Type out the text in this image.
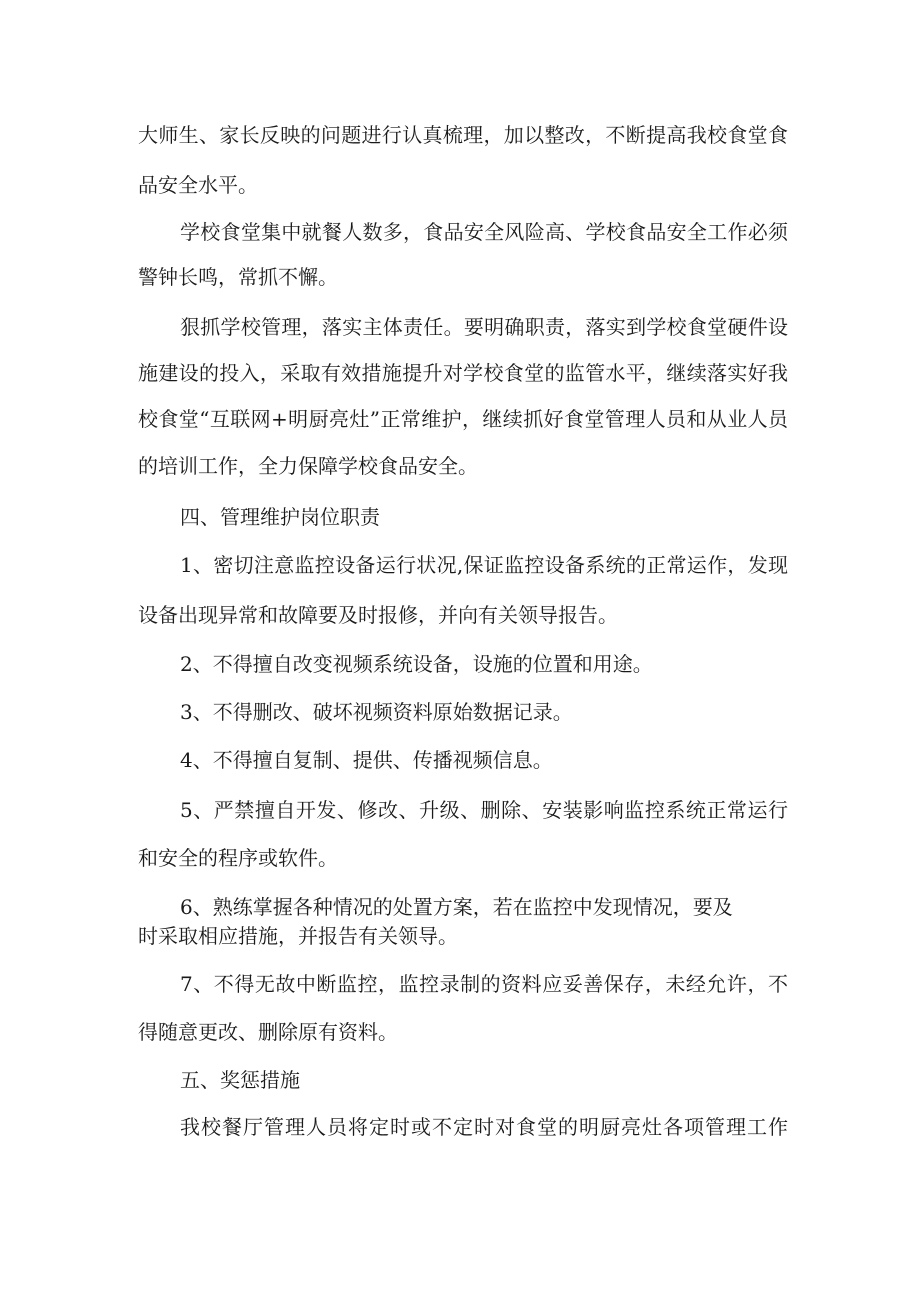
大师生、家长反映的问题进行认真梳理，加以整改，不断提高我校食堂食
品安全水平。
学校食堂集中就餐人数多，食品安全风险高、学校食品安全工作必须
警钟长鸣，常抓不懈。
狠抓学校管理，落实主体责任。要明确职责，落实到学校食堂硬件设
施建设的投入，采取有效措施提升对学校食堂的监管水平，继续落实好我
校食堂“互联网+明厨亮灶”正常维护，继续抓好食堂管理人员和从业人员
的培训工作，全力保障学校食品安全。
四、管理维护岗位职责
1、密切注意监控设备运行状况,保证监控设备系统的正常运作，发现
设备出现异常和故障要及时报修，并向有关领导报告。
2、不得擅自改变视频系统设备，设施的位置和用途。
3、不得删改、破坏视频资料原始数据记录。
4、不得擅自复制、提供、传播视频信息。
5、严禁擅自开发、修改、升级、删除、安装影响监控系统正常运行
和安全的程序或软件。
6、熟练掌握各种情况的处置方案，若在监控中发现情况，要及
时采取相应措施，并报告有关领导。
7、不得无故中断监控，监控录制的资料应妥善保存，未经允许，不
得随意更改、删除原有资料。
五、奖惩措施
我校餐厅管理人员将定时或不定时对食堂的明厨亮灶各项管理工作
